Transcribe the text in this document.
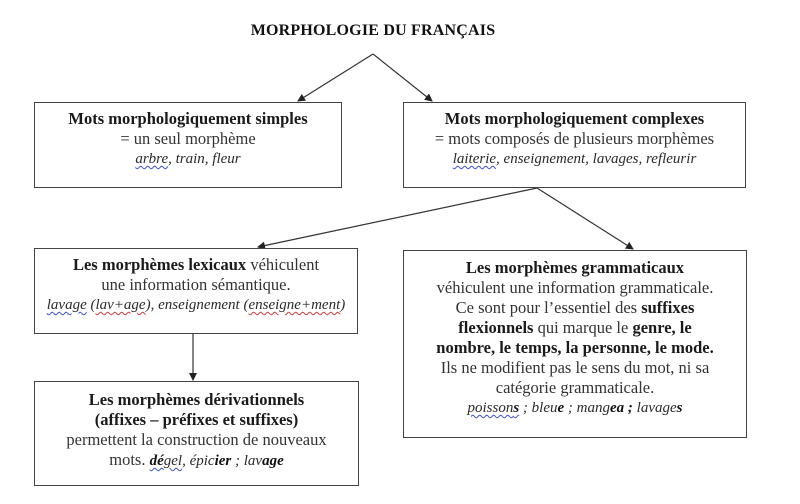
MORPHOLOGIE DU FRANÇAIS
Mots morphologiquement simples
= un seul morphème
arbre, train, fleur
Mots morphologiquement complexes
= mots composés de plusieurs morphèmes
laiterie, enseignement, lavages, refleurir
Les morphèmes lexicaux véhiculent
une information sémantique.
lavage (lav+age), enseignement (enseigne+ment)
Les morphèmes grammaticaux
véhiculent une information grammaticale.
Ce sont pour l’essentiel des suffixes
flexionnels qui marque le genre, le
nombre, le temps, la personne, le mode.
Ils ne modifient pas le sens du mot, ni sa
catégorie grammaticale.
poissons ; bleue ; mangea ; lavages
Les morphèmes dérivationnels
(affixes – préfixes et suffixes)
permettent la construction de nouveaux
mots. dégel, épicier ; lavage
